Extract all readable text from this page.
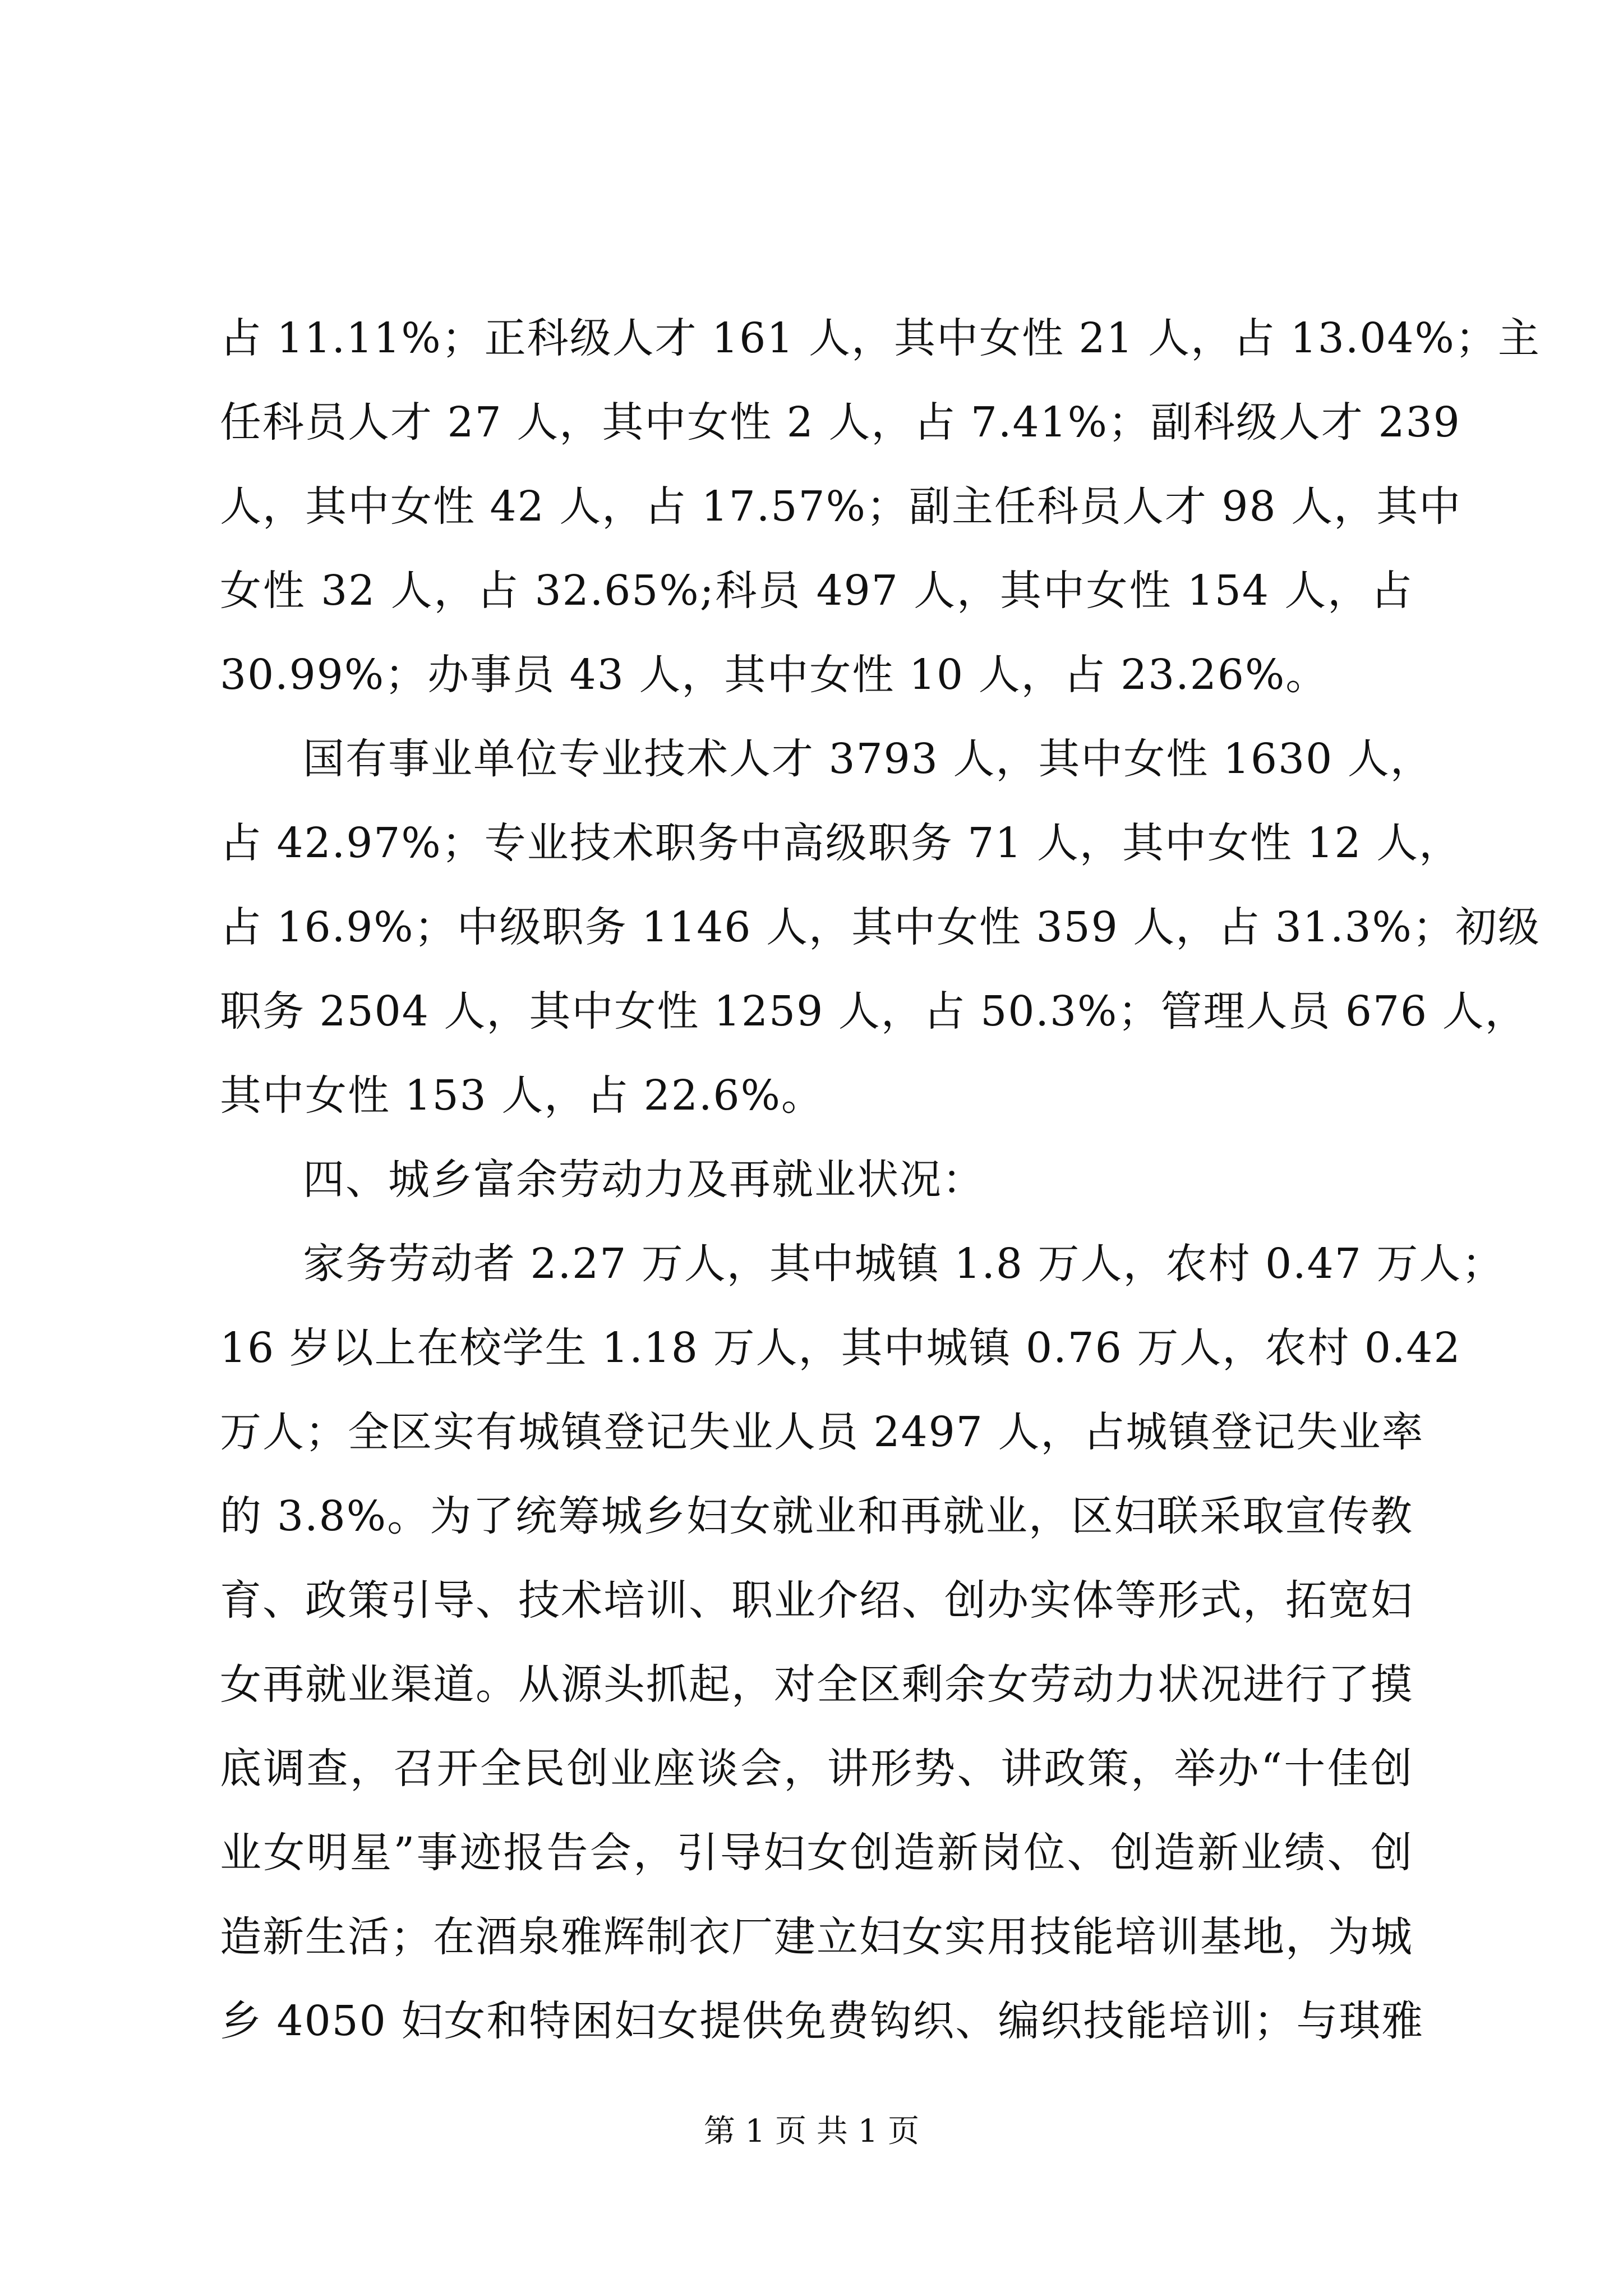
占 11.11%；正科级人才 161 人，其中女性 21 人，占 13.04%；主
任科员人才 27 人，其中女性 2 人，占 7.41%；副科级人才 239
人，其中女性 42 人，占 17.57%；副主任科员人才 98 人，其中
女性 32 人，占 32.65%;科员 497 人，其中女性 154 人，占
30.99%；办事员 43 人，其中女性 10 人，占 23.26%。
国有事业单位专业技术人才 3793 人，其中女性 1630 人，
占 42.97%；专业技术职务中高级职务 71 人，其中女性 12 人，
占 16.9%；中级职务 1146 人，其中女性 359 人，占 31.3%；初级
职务 2504 人，其中女性 1259 人，占 50.3%；管理人员 676 人，
其中女性 153 人，占 22.6%。
四、城乡富余劳动力及再就业状况：
家务劳动者 2.27 万人，其中城镇 1.8 万人，农村 0.47 万人；
16 岁以上在校学生 1.18 万人，其中城镇 0.76 万人，农村 0.42
万人；全区实有城镇登记失业人员 2497 人，占城镇登记失业率
的 3.8%。为了统筹城乡妇女就业和再就业，区妇联采取宣传教
育、政策引导、技术培训、职业介绍、创办实体等形式，拓宽妇
女再就业渠道。从源头抓起，对全区剩余女劳动力状况进行了摸
底调查，召开全民创业座谈会，讲形势、讲政策，举办“十佳创
业女明星”事迹报告会，引导妇女创造新岗位、创造新业绩、创
造新生活；在酒泉雅辉制衣厂建立妇女实用技能培训基地，为城
乡 4050 妇女和特困妇女提供免费钩织、编织技能培训；与琪雅
第 1 页 共 1 页
